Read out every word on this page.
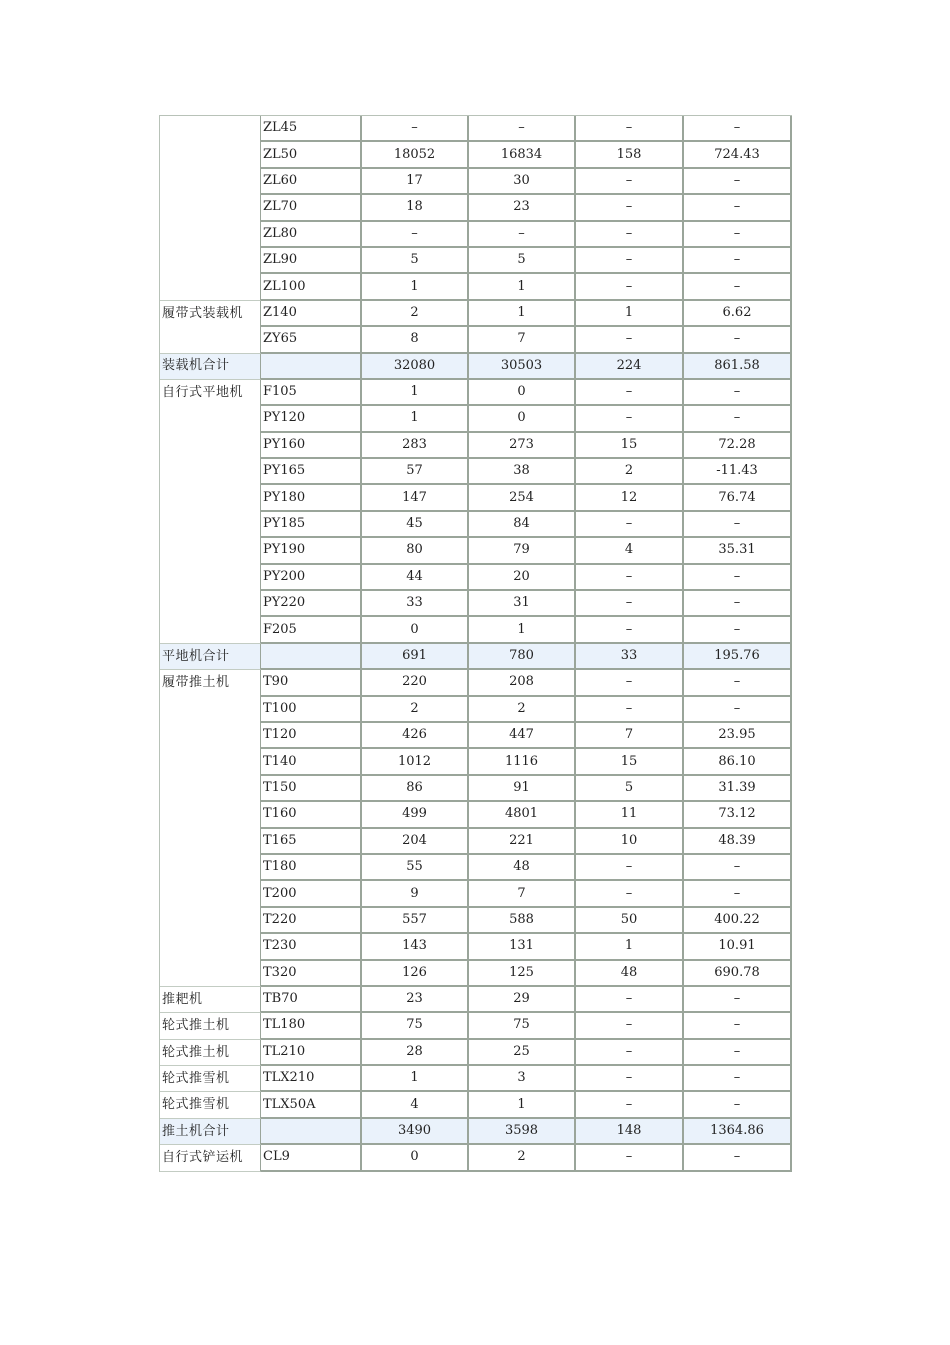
	ZL45	–	–	–	–
	ZL50	18052	16834	158	724.43
	ZL60	17	30	–	–
	ZL70	18	23	–	–
	ZL80	–	–	–	–
	ZL90	5	5	–	–
	ZL100	1	1	–	–
履带式装载机	Z140	2	1	1	6.62
	ZY65	8	7	–	–
装载机合计		32080	30503	224	861.58
自行式平地机	F105	1	0	–	–
	PY120	1	0	–	–
	PY160	283	273	15	72.28
	PY165	57	38	2	-11.43
	PY180	147	254	12	76.74
	PY185	45	84	–	–
	PY190	80	79	4	35.31
	PY200	44	20	–	–
	PY220	33	31	–	–
	F205	0	1	–	–
平地机合计		691	780	33	195.76
履带推土机	T90	220	208	–	–
	T100	2	2	–	–
	T120	426	447	7	23.95
	T140	1012	1116	15	86.10
	T150	86	91	5	31.39
	T160	499	4801	11	73.12
	T165	204	221	10	48.39
	T180	55	48	–	–
	T200	9	7	–	–
	T220	557	588	50	400.22
	T230	143	131	1	10.91
	T320	126	125	48	690.78
推耙机	TB70	23	29	–	–
轮式推土机	TL180	75	75	–	–
轮式推土机	TL210	28	25	–	–
轮式推雪机	TLX210	1	3	–	–
轮式推雪机	TLX50A	4	1	–	–
推土机合计		3490	3598	148	1364.86
自行式铲运机	CL9	0	2	–	–
